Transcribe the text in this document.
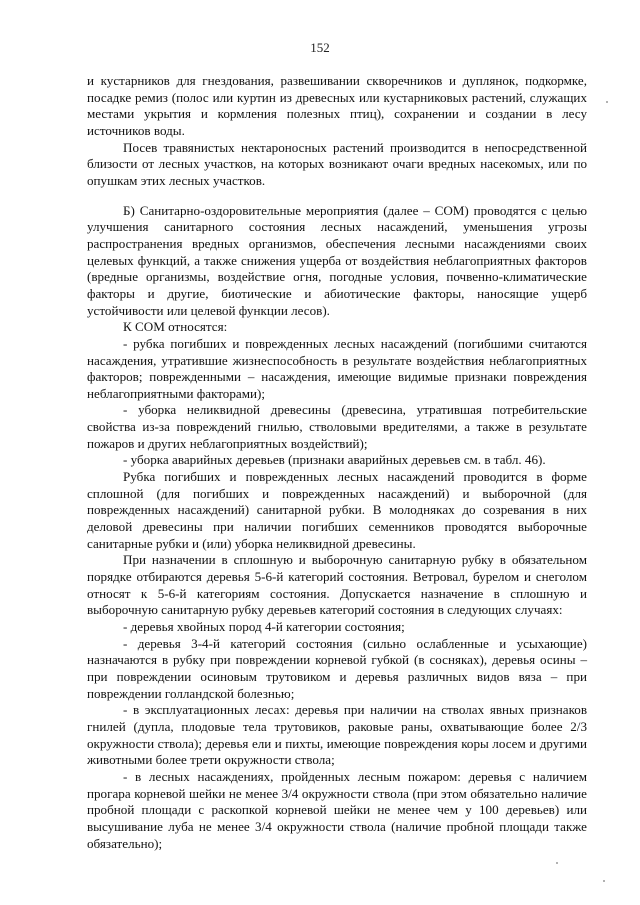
152

и кустарников для гнездования, развешивании скворечников и дуплянок, подкормке, посадке ремиз (полос или куртин из древесных или кустарниковых растений, служащих местами укрытия и кормления полезных птиц), сохранении и создании в лесу источников воды.

Посев травянистых нектароносных растений производится в непосредственной близости от лесных участков, на которых возникают очаги вредных насекомых, или по опушкам этих лесных участков.

Б) Санитарно-оздоровительные мероприятия (далее – СОМ) проводятся с целью улучшения санитарного состояния лесных насаждений, уменьшения угрозы распространения вредных организмов, обеспечения лесными насаждениями своих целевых функций, а также снижения ущерба от воздействия неблагоприятных факторов (вредные организмы, воздействие огня, погодные условия, почвенно-климатические факторы и другие, биотические и абиотические факторы, наносящие ущерб устойчивости или целевой функции лесов).

К СОМ относятся:

- рубка погибших и поврежденных лесных насаждений (погибшими считаются насаждения, утратившие жизнеспособность в результате воздействия неблагоприятных факторов; поврежденными – насаждения, имеющие видимые признаки повреждения неблагоприятными факторами);

- уборка неликвидной древесины (древесина, утратившая потребительские свойства из-за повреждений гнилью, стволовыми вредителями, а также в результате пожаров и других неблагоприятных воздействий);

- уборка аварийных деревьев (признаки аварийных деревьев см. в табл. 46).

Рубка погибших и поврежденных лесных насаждений проводится в форме сплошной (для погибших и поврежденных насаждений) и выборочной (для поврежденных насаждений) санитарной рубки. В молодняках до созревания в них деловой древесины при наличии погибших семенников проводятся выборочные санитарные рубки и (или) уборка неликвидной древесины.

При назначении в сплошную и выборочную санитарную рубку в обязательном порядке отбираются деревья 5-6-й категорий состояния. Ветровал, бурелом и снеголом относят к 5-6-й категориям состояния. Допускается назначение в сплошную и выборочную санитарную рубку деревьев категорий состояния в следующих случаях:

- деревья хвойных пород 4-й категории состояния;

- деревья 3-4-й категорий состояния (сильно ослабленные и усыхающие) назначаются в рубку при повреждении корневой губкой (в сосняках), деревья осины – при повреждении осиновым трутовиком и деревья различных видов вяза – при повреждении голландской болезнью;

- в эксплуатационных лесах: деревья при наличии на стволах явных признаков гнилей (дупла, плодовые тела трутовиков, раковые раны, охватывающие более 2/3 окружности ствола); деревья ели и пихты, имеющие повреждения коры лосем и другими животными более трети окружности ствола;

- в лесных насаждениях, пройденных лесным пожаром: деревья с наличием прогара корневой шейки не менее 3/4 окружности ствола (при этом обязательно наличие пробной площади с раскопкой корневой шейки не менее чем у 100 деревьев) или высушивание луба не менее 3/4 окружности ствола (наличие пробной площади также обязательно);
